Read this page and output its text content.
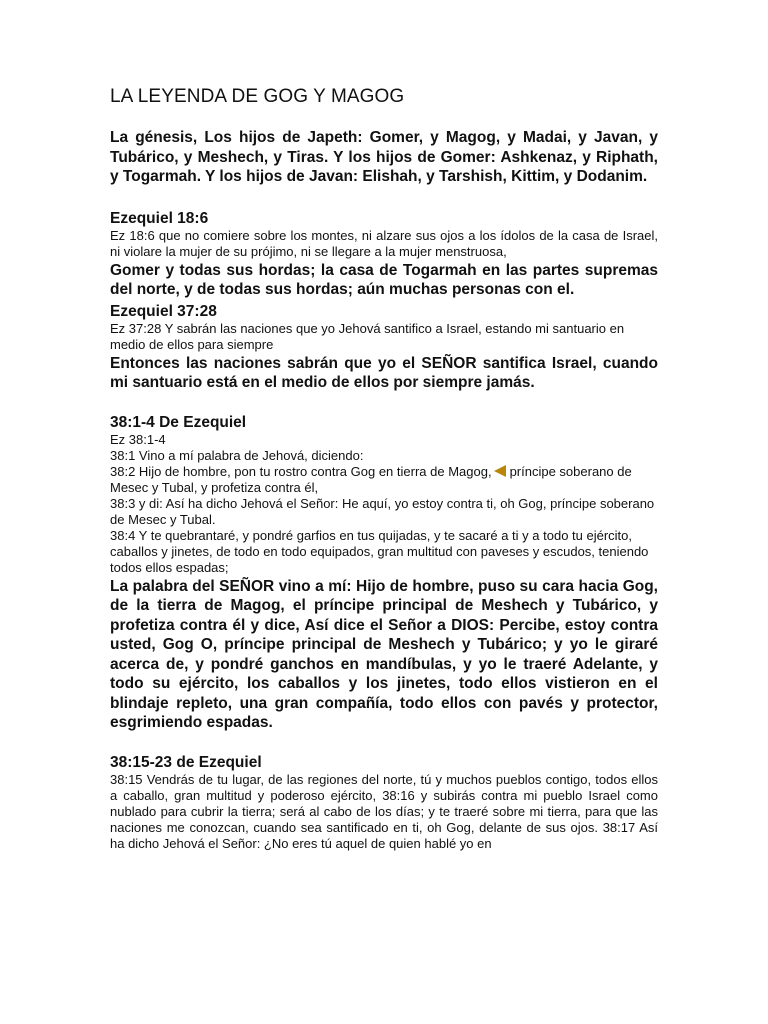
LA LEYENDA DE GOG Y MAGOG

La génesis, Los hijos de Japeth: Gomer, y Magog, y Madai, y Javan, y Tubárico, y Meshech, y Tiras. Y los hijos de Gomer: Ashkenaz, y Riphath, y Togarmah. Y los hijos de Javan: Elishah, y Tarshish, Kittim, y Dodanim.

Ezequiel 18:6

Ez 18:6 que no comiere sobre los montes, ni alzare sus ojos a los ídolos de la casa de Israel, ni violare la mujer de su prójimo, ni se llegare a la mujer menstruosa,

Gomer y todas sus hordas; la casa de Togarmah en las partes supremas del norte, y de todas sus hordas; aún muchas personas con el.

Ezequiel 37:28

Ez 37:28 Y sabrán las naciones que yo Jehová santifico a Israel, estando mi santuario en medio de ellos para siempre

Entonces las naciones sabrán que yo el SEÑOR santifica Israel, cuando mi santuario está en el medio de ellos por siempre jamás.

38:1-4 De Ezequiel

Ez 38:1-4
38:1 Vino a mí palabra de Jehová, diciendo:
38:2 Hijo de hombre, pon tu rostro contra Gog en tierra de Magog, príncipe soberano de Mesec y Tubal, y profetiza contra él,
38:3 y di: Así ha dicho Jehová el Señor: He aquí, yo estoy contra ti, oh Gog, príncipe soberano de Mesec y Tubal.
38:4 Y te quebrantaré, y pondré garfios en tus quijadas, y te sacaré a ti y a todo tu ejército, caballos y jinetes, de todo en todo equipados, gran multitud con paveses y escudos, teniendo todos ellos espadas;

La palabra del SEÑOR vino a mí: Hijo de hombre, puso su cara hacia Gog, de la tierra de Magog, el príncipe principal de Meshech y Tubárico, y profetiza contra él y dice, Así dice el Señor a DIOS: Percibe, estoy contra usted, Gog O, príncipe principal de Meshech y Tubárico; y yo le giraré acerca de, y pondré ganchos en mandíbulas, y yo le traeré Adelante, y todo su ejército, los caballos y los jinetes, todo ellos vistieron en el blindaje repleto, una gran compañía, todo ellos con pavés y protector, esgrimiendo espadas.

38:15-23 de Ezequiel

38:15 Vendrás de tu lugar, de las regiones del norte, tú y muchos pueblos contigo, todos ellos a caballo, gran multitud y poderoso ejército, 38:16 y subirás contra mi pueblo Israel como nublado para cubrir la tierra; será al cabo de los días; y te traeré sobre mi tierra, para que las naciones me conozcan, cuando sea santificado en ti, oh Gog, delante de sus ojos. 38:17 Así ha dicho Jehová el Señor: ¿No eres tú aquel de quien hablé yo en
